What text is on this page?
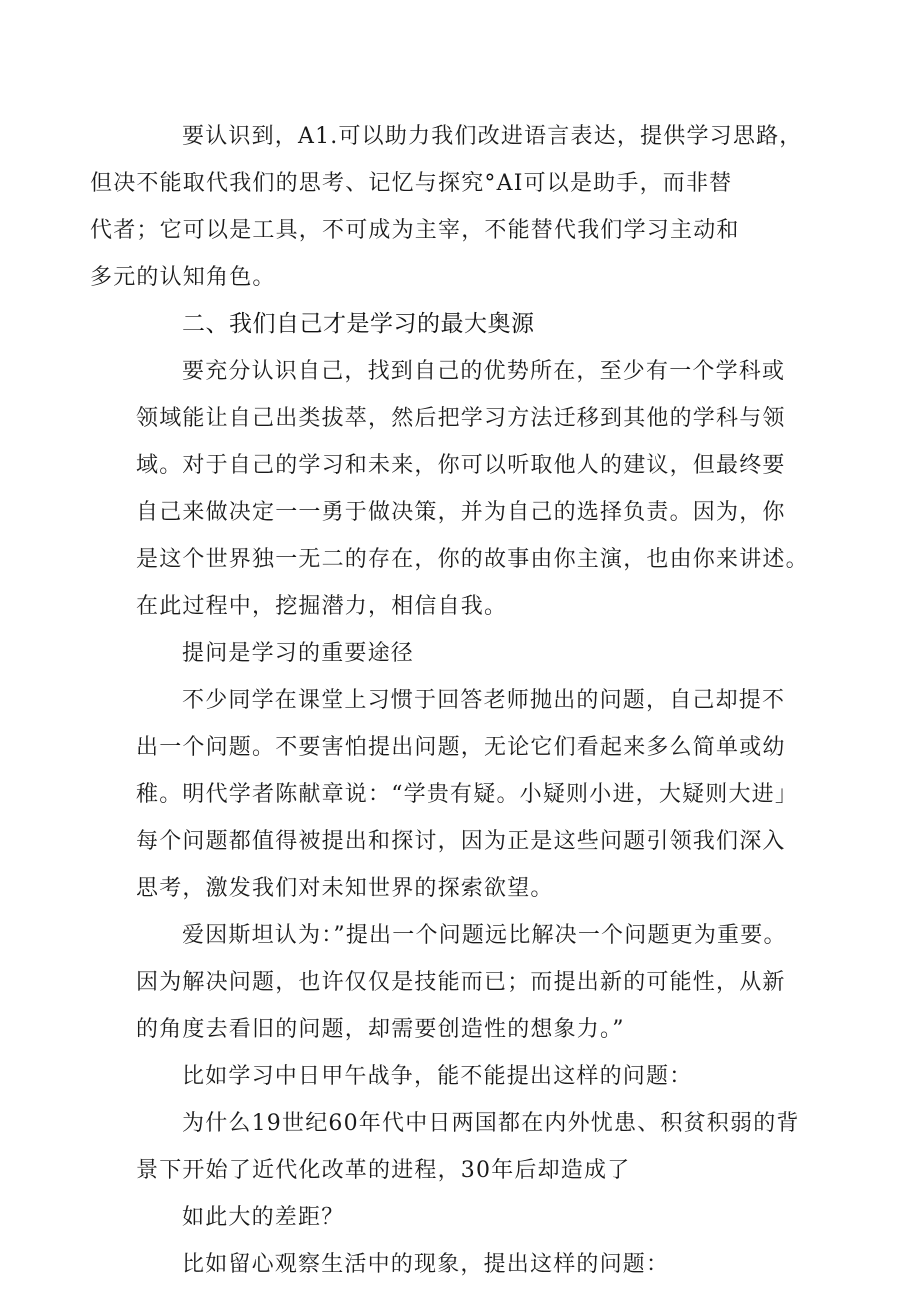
要认识到，A1.可以助力我们改进语言表达，提供学习思路，
但决不能取代我们的思考、记忆与探究°AI可以是助手，而非替
代者；它可以是工具，不可成为主宰，不能替代我们学习主动和
多元的认知角色。

二、我们自己才是学习的最大奥源

要充分认识自己，找到自己的优势所在，至少有一个学科或
领域能让自己出类拔萃，然后把学习方法迁移到其他的学科与领
域。对于自己的学习和未来，你可以听取他人的建议，但最终要
自己来做决定一一勇于做决策，并为自己的选择负责。因为，你
是这个世界独一无二的存在，你的故事由你主演，也由你来讲述。
在此过程中，挖掘潜力，相信自我。

提问是学习的重要途径

不少同学在课堂上习惯于回答老师抛出的问题，自己却提不
出一个问题。不要害怕提出问题，无论它们看起来多么简单或幼
稚。明代学者陈献章说：“学贵有疑。小疑则小进，大疑则大进」
每个问题都值得被提出和探讨，因为正是这些问题引领我们深入
思考，激发我们对未知世界的探索欲望。

爱因斯坦认为：”提出一个问题远比解决一个问题更为重要。
因为解决问题，也许仅仅是技能而已；而提出新的可能性，从新
的角度去看旧的问题，却需要创造性的想象力。”

比如学习中日甲午战争，能不能提出这样的问题：

为什么19世纪60年代中日两国都在内外忧患、积贫积弱的背
景下开始了近代化改革的进程，30年后却造成了

如此大的差距？

比如留心观察生活中的现象，提出这样的问题：
